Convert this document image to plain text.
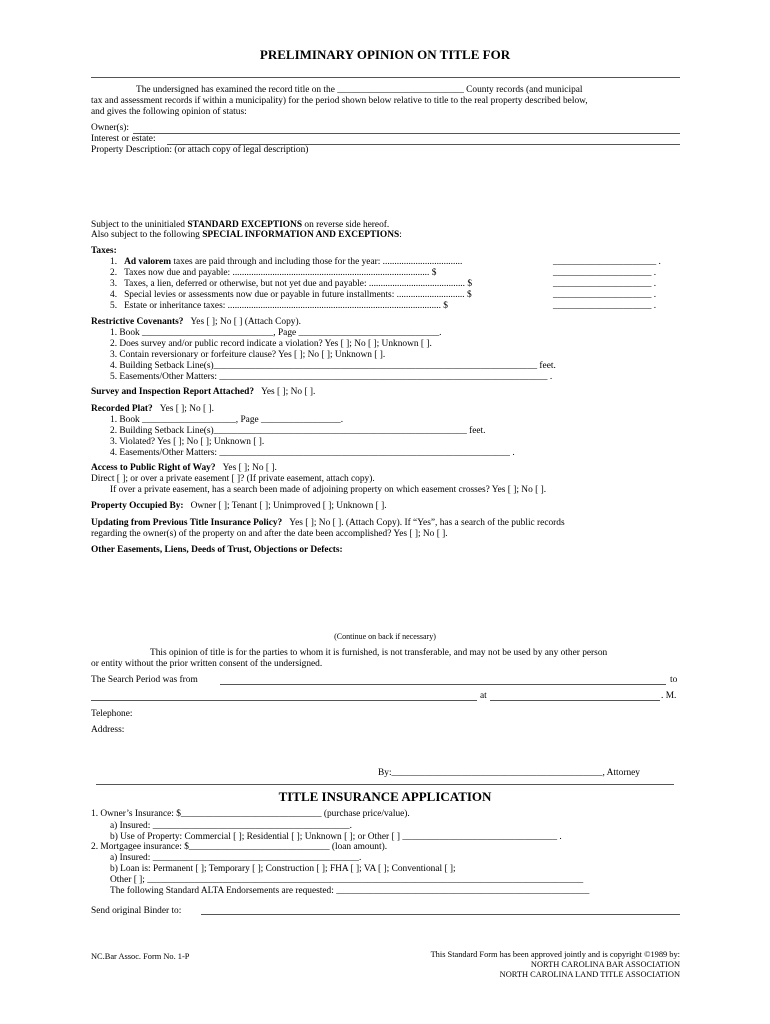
PRELIMINARY OPINION ON TITLE FOR
The undersigned has examined the record title on the ___________________________ County records (and municipal
tax and assessment records if within a municipality) for the period shown below relative to title to the real property described below,
and gives the following opinion of status:
Owner(s):
Interest or estate:
Property Description: (or attach copy of legal description)
Subject to the uninitialed STANDARD EXCEPTIONS on reverse side hereof.
Also subject to the following SPECIAL INFORMATION AND EXCEPTIONS:
Taxes:
1. Ad valorem taxes are paid through and including those for the year: ..................................	______________________ .
2. Taxes now due and payable: .................................................................................... $	_____________________ .
3. Taxes, a lien, deferred or otherwise, but not yet due and payable: ......................................... $	_____________________ .
4. Special levies or assessments now due or payable in future installments: ............................. $	_____________________ .
5. Estate or inheritance taxes: ........................................................................................... $	_____________________ .
Restrictive Covenants? Yes [ ]; No [ ] (Attach Copy).
1. Book ____________________________, Page ______________________________.
2. Does survey and/or public record indicate a violation? Yes [ ]; No [ ]; Unknown [ ].
3. Contain reversionary or forfeiture clause? Yes [ ]; No [ ]; Unknown [ ].
4. Building Setback Line(s)_____________________________________________________________________ feet.
5. Easements/Other Matters: ______________________________________________________________________ .
Survey and Inspection Report Attached? Yes [ ]; No [ ].
Recorded Plat? Yes [ ]; No [ ].
1. Book ____________________, Page _________________.
2. Building Setback Line(s)______________________________________________________ feet.
3. Violated? Yes [ ]; No [ ]; Unknown [ ].
4. Easements/Other Matters: ______________________________________________________________ .
Access to Public Right of Way? Yes [ ]; No [ ].
Direct [ ]; or over a private easement [ ]? (If private easement, attach copy).
If over a private easement, has a search been made of adjoining property on which easement crosses? Yes [ ]; No [ ].
Property Occupied By: Owner [ ]; Tenant [ ]; Unimproved [ ]; Unknown [ ].
Updating from Previous Title Insurance Policy? Yes [ ]; No [ ]. (Attach Copy). If “Yes”, has a search of the public records
regarding the owner(s) of the property on and after the date been accomplished? Yes [ ]; No [ ].
Other Easements, Liens, Deeds of Trust, Objections or Defects:
(Continue on back if necessary)
This opinion of title is for the parties to whom it is furnished, is not transferable, and may not be used by any other person
or entity without the prior written consent of the undersigned.
The Search Period was from	to
at	. M.
Telephone:
Address:
By:_____________________________________________, Attorney
TITLE INSURANCE APPLICATION
1. Owner’s Insurance: $______________________________ (purchase price/value).
a) Insured: __________________________________________.
b) Use of Property: Commercial [ ]; Residential [ ]; Unknown [ ]; or Other [ ] _________________________________ .
2. Mortgagee insurance: $______________________________ (loan amount).
a) Insured: ____________________________________________.
b) Loan is: Permanent [ ]; Temporary [ ]; Construction [ ]; FHA [ ]; VA [ ]; Conventional [ ];
Other [ ]; _____________________________________________________________________________________________
The following Standard ALTA Endorsements are requested: ______________________________________________________
Send original Binder to:
NC.Bar Assoc. Form No. 1-P	This Standard Form has been approved jointly and is copyright ©1989 by:
NORTH CAROLINA BAR ASSOCIATION
NORTH CAROLINA LAND TITLE ASSOCIATION
